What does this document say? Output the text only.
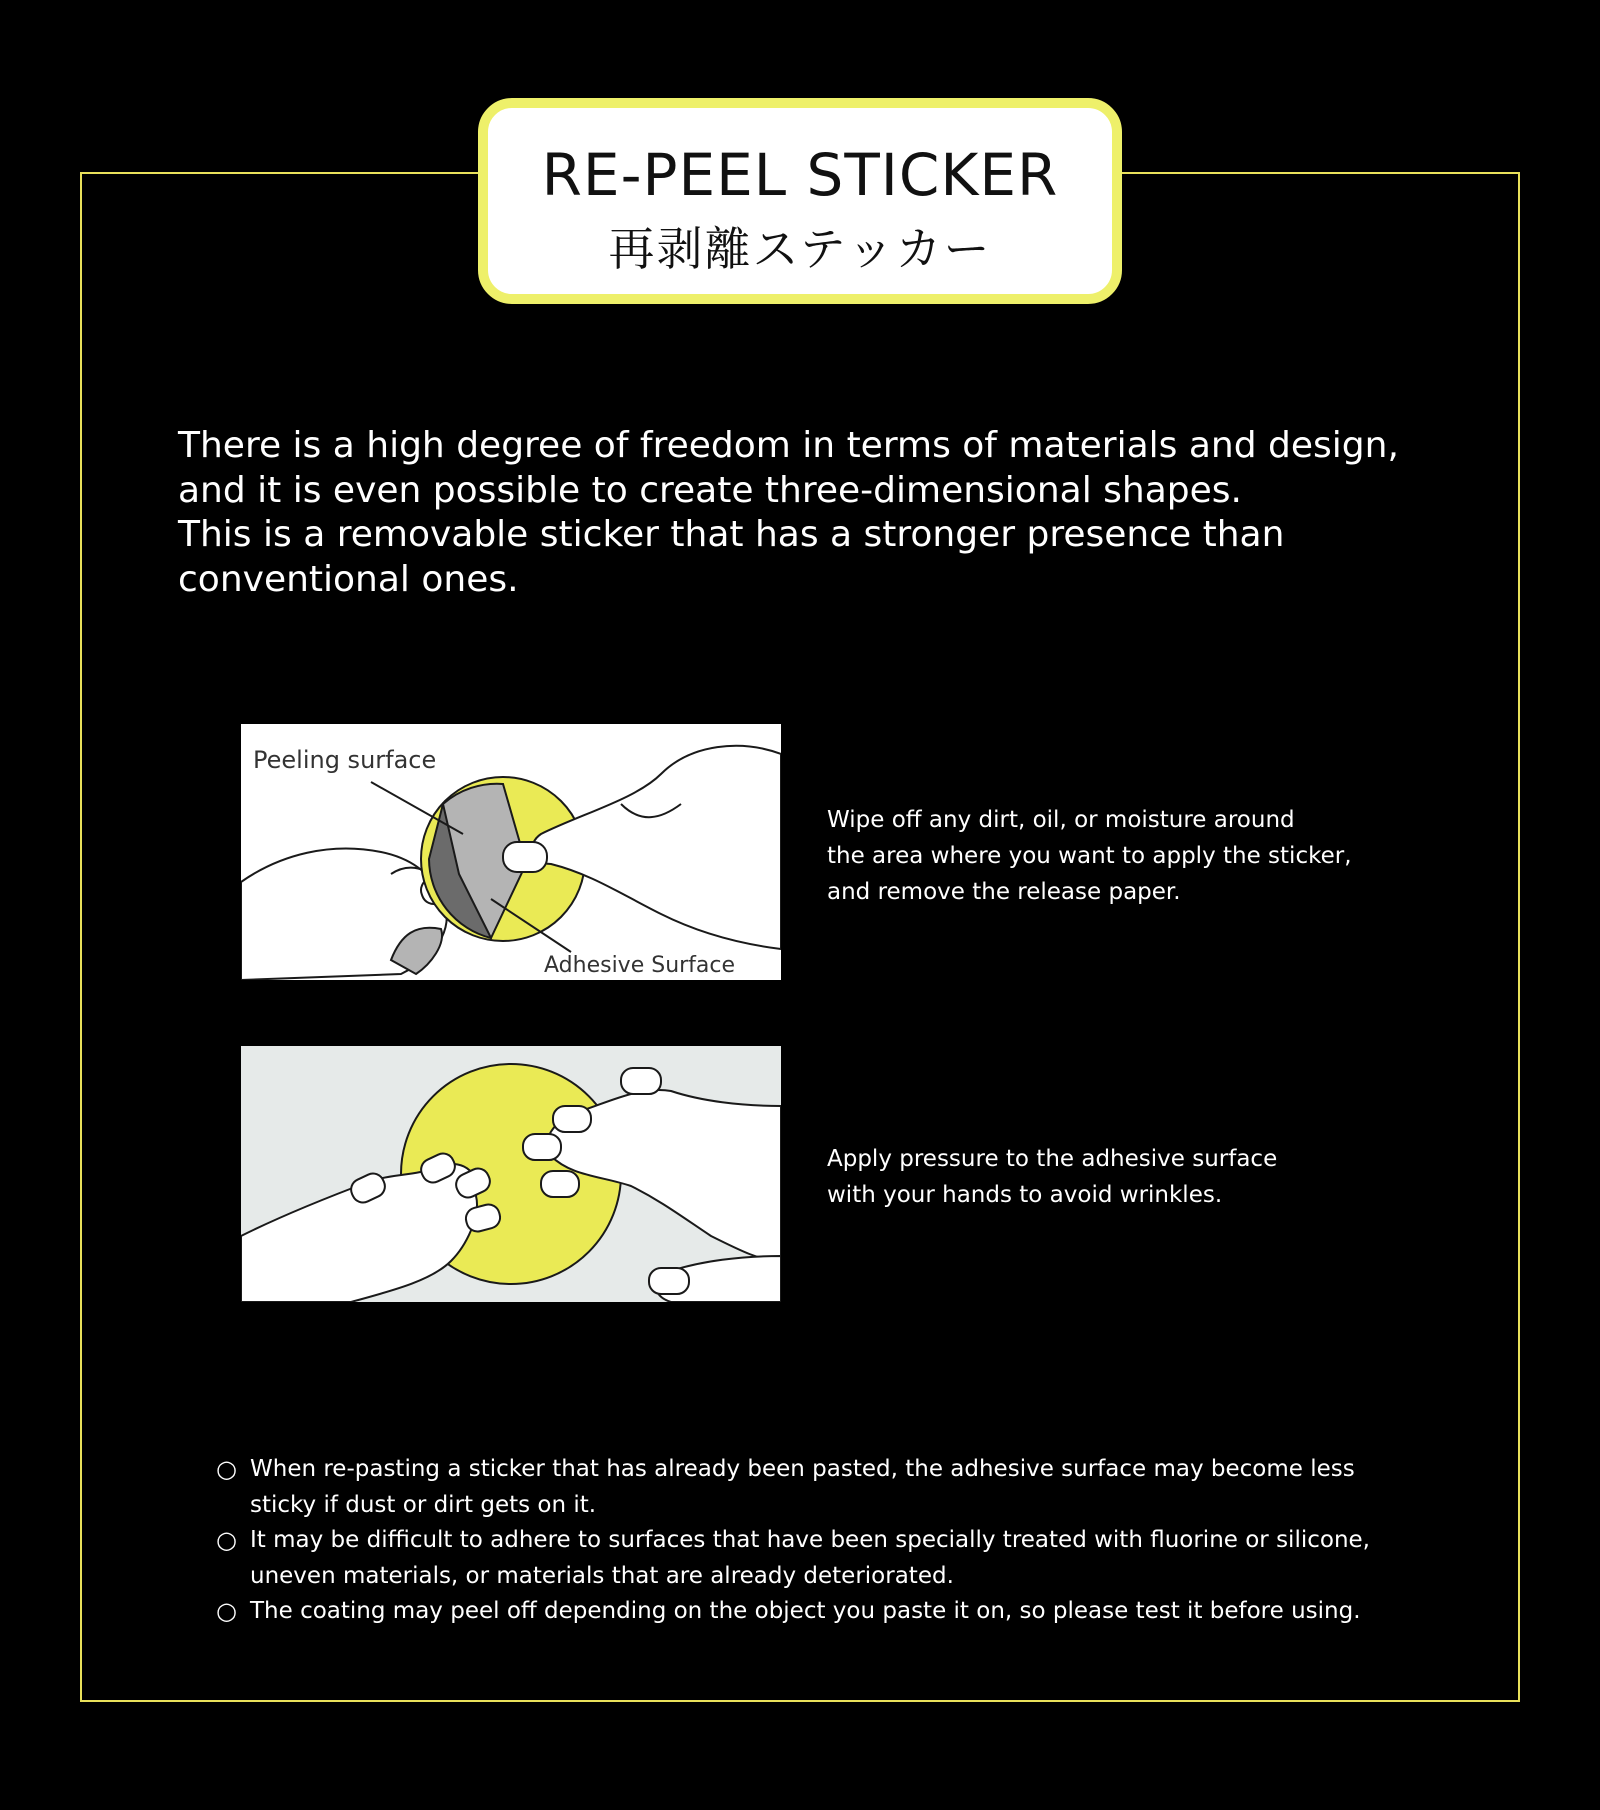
RE-PEEL STICKER
再剥離ステッカー
There is a high degree of freedom in terms of materials and design,
and it is even possible to create three-dimensional shapes.
This is a removable sticker that has a stronger presence than
conventional ones.
Peeling surface
Adhesive Surface
Wipe off any dirt, oil, or moisture around
the area where you want to apply the sticker,
and remove the release paper.
Apply pressure to the adhesive surface
with your hands to avoid wrinkles.
○ When re-pasting a sticker that has already been pasted, the adhesive surface may become less
sticky if dust or dirt gets on it.
○ It may be difficult to adhere to surfaces that have been specially treated with fluorine or silicone,
uneven materials, or materials that are already deteriorated.
○ The coating may peel off depending on the object you paste it on, so please test it before using.
